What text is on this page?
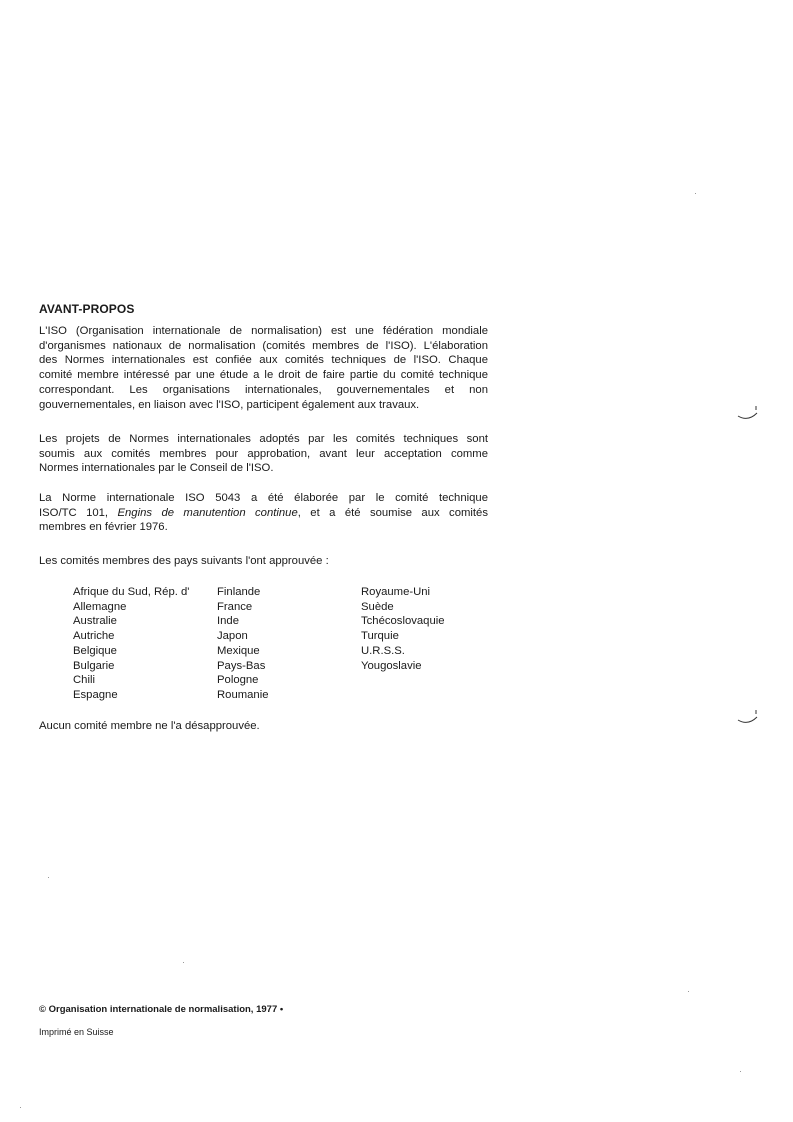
AVANT-PROPOS
L'ISO (Organisation internationale de normalisation) est une fédération mondiale
d'organismes nationaux de normalisation (comités membres de l'ISO). L'élaboration
des Normes internationales est confiée aux comités techniques de l'ISO. Chaque
comité membre intéressé par une étude a le droit de faire partie du comité technique
correspondant. Les organisations internationales, gouvernementales et non
gouvernementales, en liaison avec l'ISO, participent également aux travaux.
Les projets de Normes internationales adoptés par les comités techniques sont
soumis aux comités membres pour approbation, avant leur acceptation comme
Normes internationales par le Conseil de l'ISO.
La Norme internationale ISO 5043 a été élaborée par le comité technique
ISO/TC 101, Engins de manutention continue, et a été soumise aux comités
membres en février 1976.
Les comités membres des pays suivants l'ont approuvée :
Afrique du Sud, Rép. d'
Allemagne
Australie
Autriche
Belgique
Bulgarie
Chili
Espagne
Finlande
France
Inde
Japon
Mexique
Pays-Bas
Pologne
Roumanie
Royaume-Uni
Suède
Tchécoslovaquie
Turquie
U.R.S.S.
Yougoslavie
Aucun comité membre ne l'a désapprouvée.
© Organisation internationale de normalisation, 1977 •
Imprimé en Suisse
